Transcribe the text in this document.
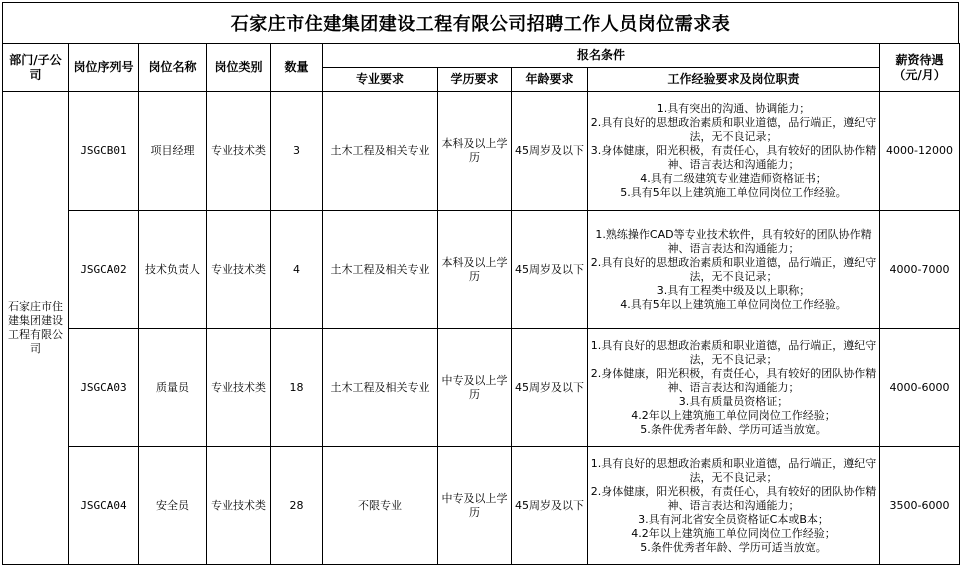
石家庄市住建集团建设工程有限公司招聘工作人员岗位需求表
部门/子公司	岗位序列号	岗位名称	岗位类别	数量	报名条件				薪资待遇
（元/月）
					专业要求	学历要求	年龄要求	工作经验要求及岗位职责	
石家庄市住建集团建设工程有限公司	JSGCB01	项目经理	专业技术类	3	土木工程及相关专业	本科及以上学历	45周岁及以下	1.具有突出的沟通、协调能力；
2.具有良好的思想政治素质和职业道德，品行端正，遵纪守法，无不良记录；
3.身体健康，阳光积极，有责任心，具有较好的团队协作精神、语言表达和沟通能力；
4.具有二级建筑专业建造师资格证书；
5.具有5年以上建筑施工单位同岗位工作经验。	4000-12000
	JSGCA02	技术负责人	专业技术类	4	土木工程及相关专业	本科及以上学历	45周岁及以下	1.熟练操作CAD等专业技术软件，具有较好的团队协作精神、语言表达和沟通能力；
2.具有良好的思想政治素质和职业道德，品行端正，遵纪守法，无不良记录；
3.具有工程类中级及以上职称；
4.具有5年以上建筑施工单位同岗位工作经验。	4000-7000
	JSGCA03	质量员	专业技术类	18	土木工程及相关专业	中专及以上学历	45周岁及以下	1.具有良好的思想政治素质和职业道德，品行端正，遵纪守法，无不良记录；
2.身体健康，阳光积极，有责任心，具有较好的团队协作精神、语言表达和沟通能力；
3.具有质量员资格证；
4.2年以上建筑施工单位同岗位工作经验；
5.条件优秀者年龄、学历可适当放宽。	4000-6000
	JSGCA04	安全员	专业技术类	28	不限专业	中专及以上学历	45周岁及以下	1.具有良好的思想政治素质和职业道德，品行端正，遵纪守法，无不良记录；
2.身体健康，阳光积极，有责任心，具有较好的团队协作精神、语言表达和沟通能力；
3.具有河北省安全员资格证C本或B本；
4.2年以上建筑施工单位同岗位工作经验；
5.条件优秀者年龄、学历可适当放宽。	3500-6000
